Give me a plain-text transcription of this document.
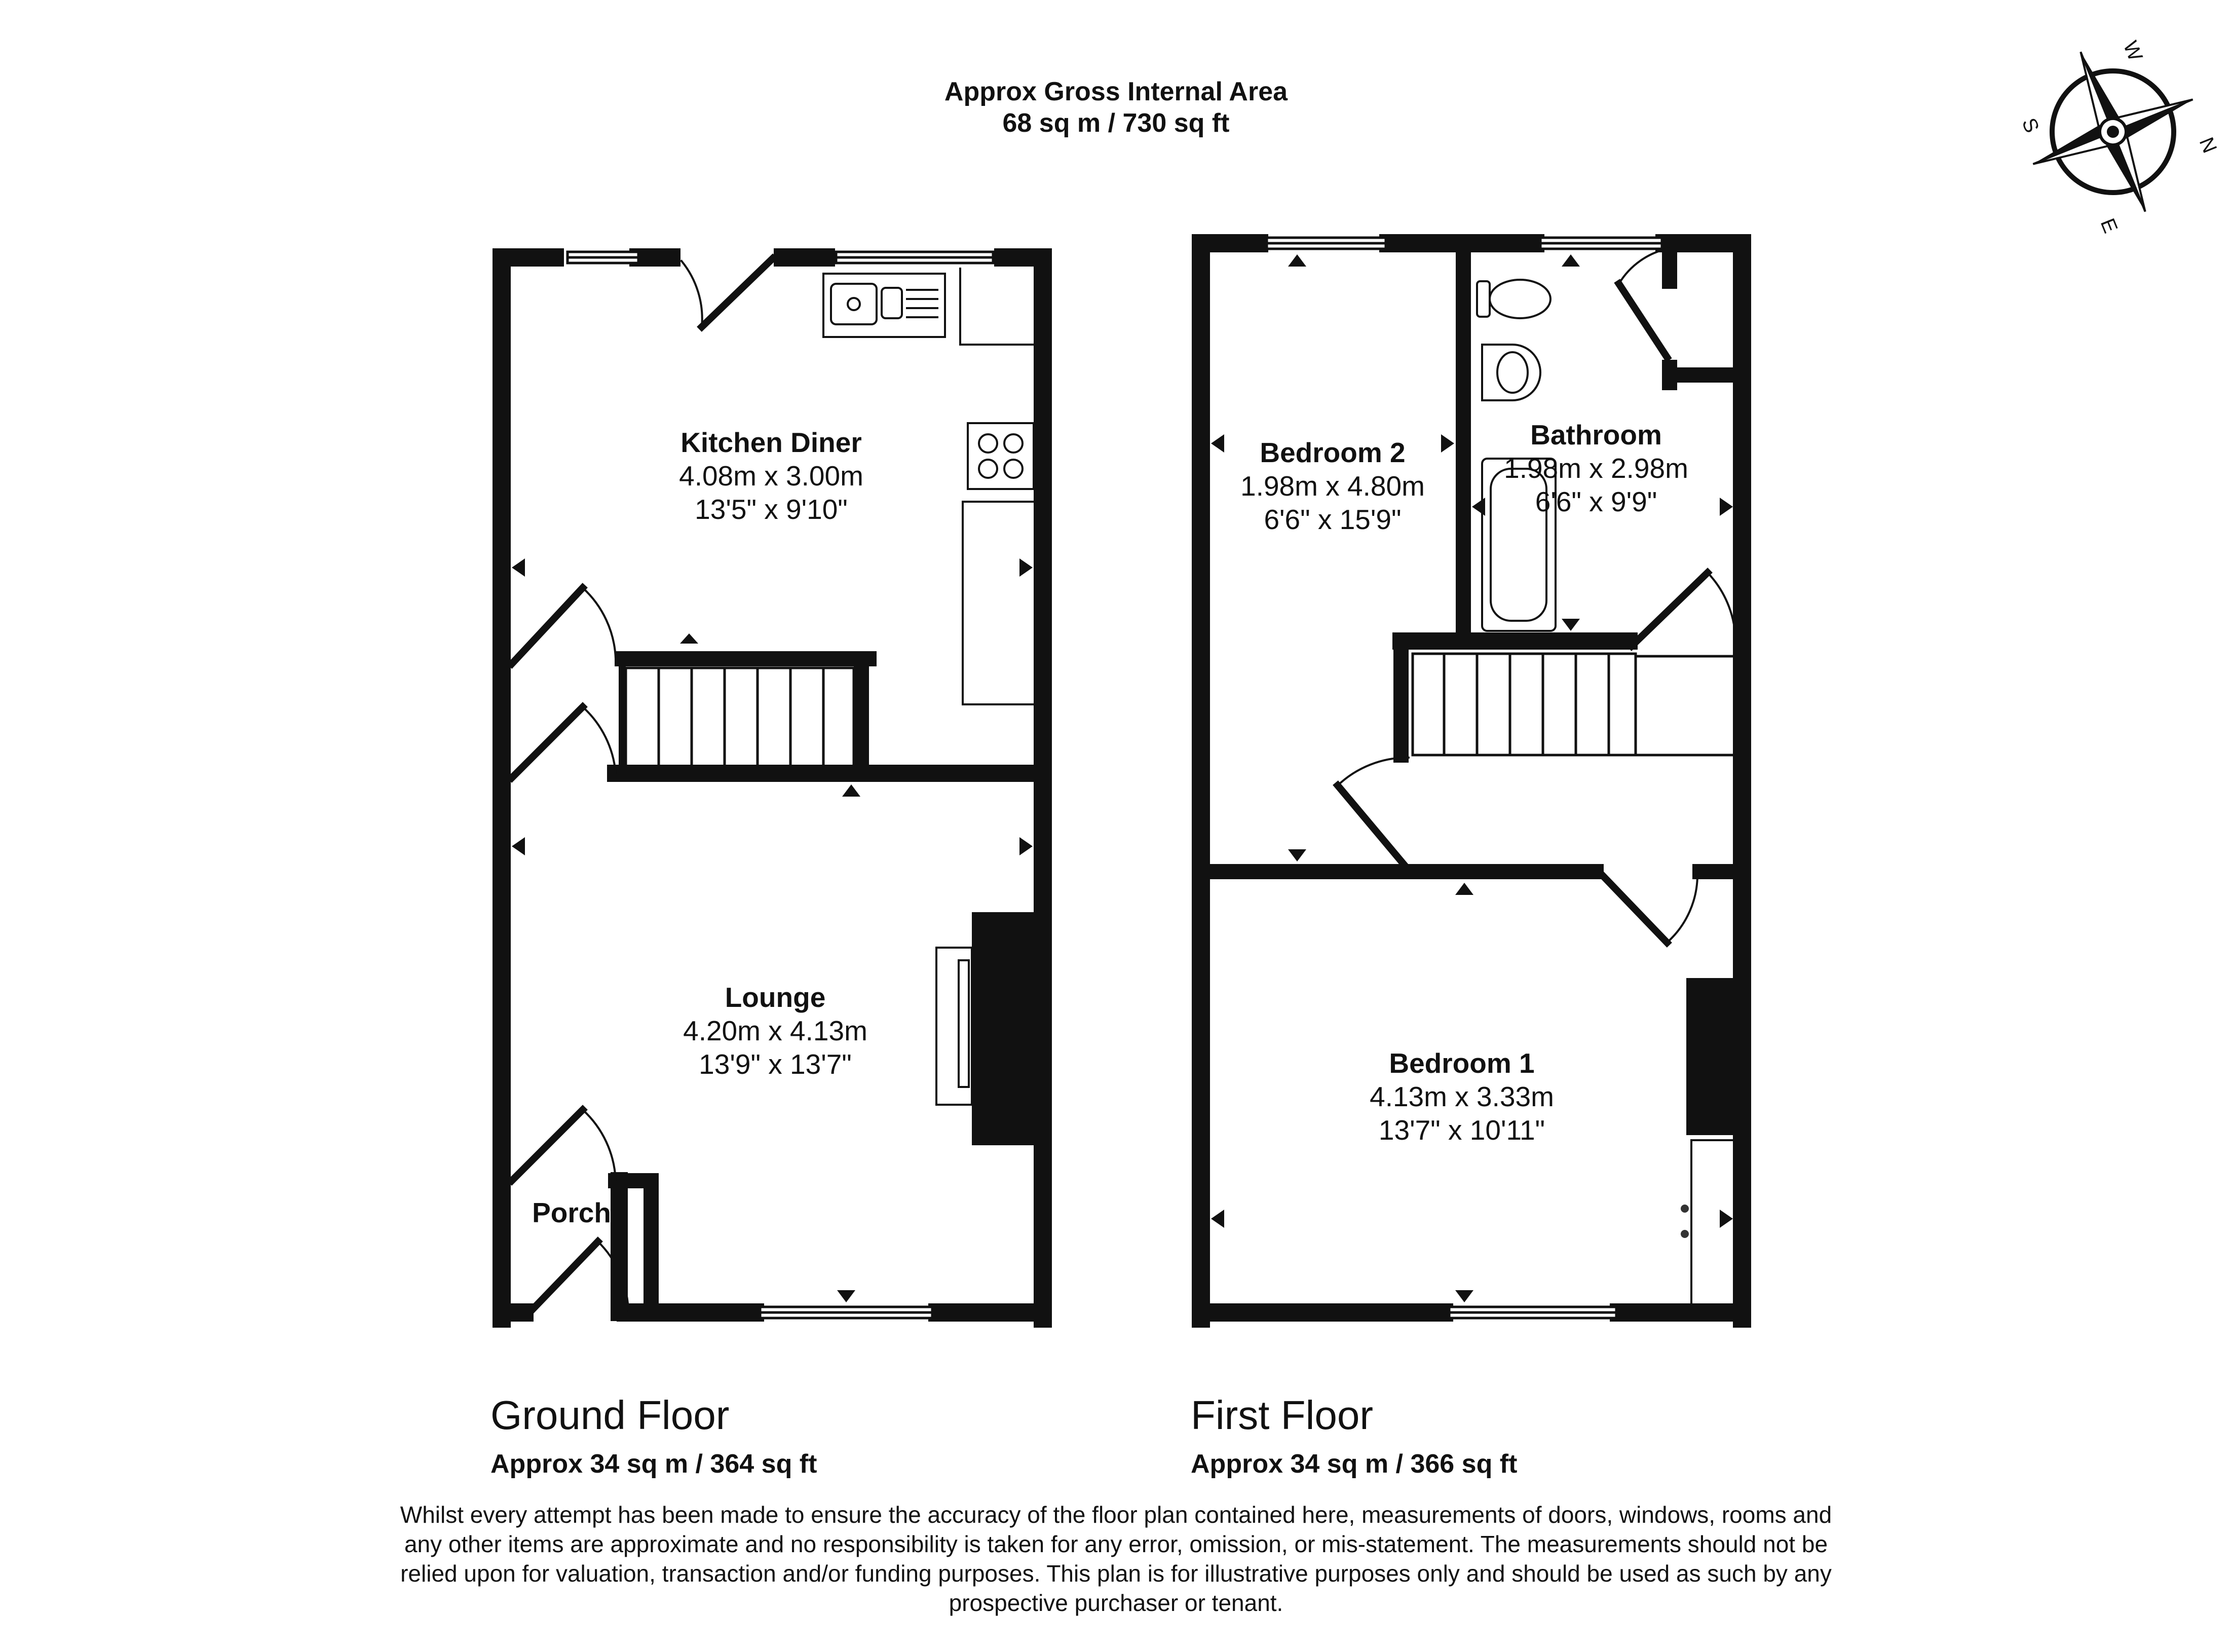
Approx Gross Internal Area
68 sq m / 730 sq ft
W
N
E
S
Kitchen Diner
4.08m x 3.00m
13'5" x 9'10"
Lounge
4.20m x 4.13m
13'9" x 13'7"
Porch
Bedroom 2
1.98m x 4.80m
6'6" x 15'9"
Bathroom
1.98m x 2.98m
6'6" x 9'9"
Bedroom 1
4.13m x 3.33m
13'7" x 10'11"
Ground Floor
Approx 34 sq m / 364 sq ft
First Floor
Approx 34 sq m / 366 sq ft
Whilst every attempt has been made to ensure the accuracy of the floor plan contained here, measurements of doors, windows, rooms and
any other items are approximate and no responsibility is taken for any error, omission, or mis-statement. The measurements should not be
relied upon for valuation, transaction and/or funding purposes. This plan is for illustrative purposes only and should be used as such by any
prospective purchaser or tenant.
